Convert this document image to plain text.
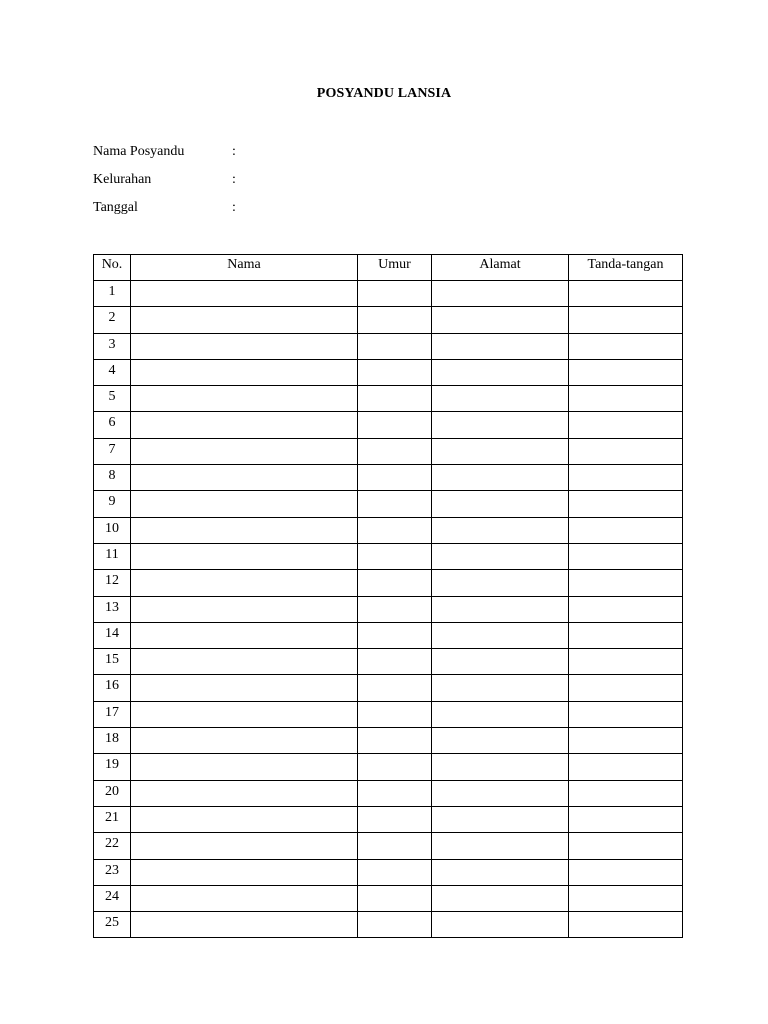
POSYANDU LANSIA
Nama Posyandu	:
Kelurahan	:
Tanggal	:
No.	Nama	Umur	Alamat	Tanda-tangan
1				
2				
3				
4				
5				
6				
7				
8				
9				
10				
11				
12				
13				
14				
15				
16				
17				
18				
19				
20				
21				
22				
23				
24				
25				
